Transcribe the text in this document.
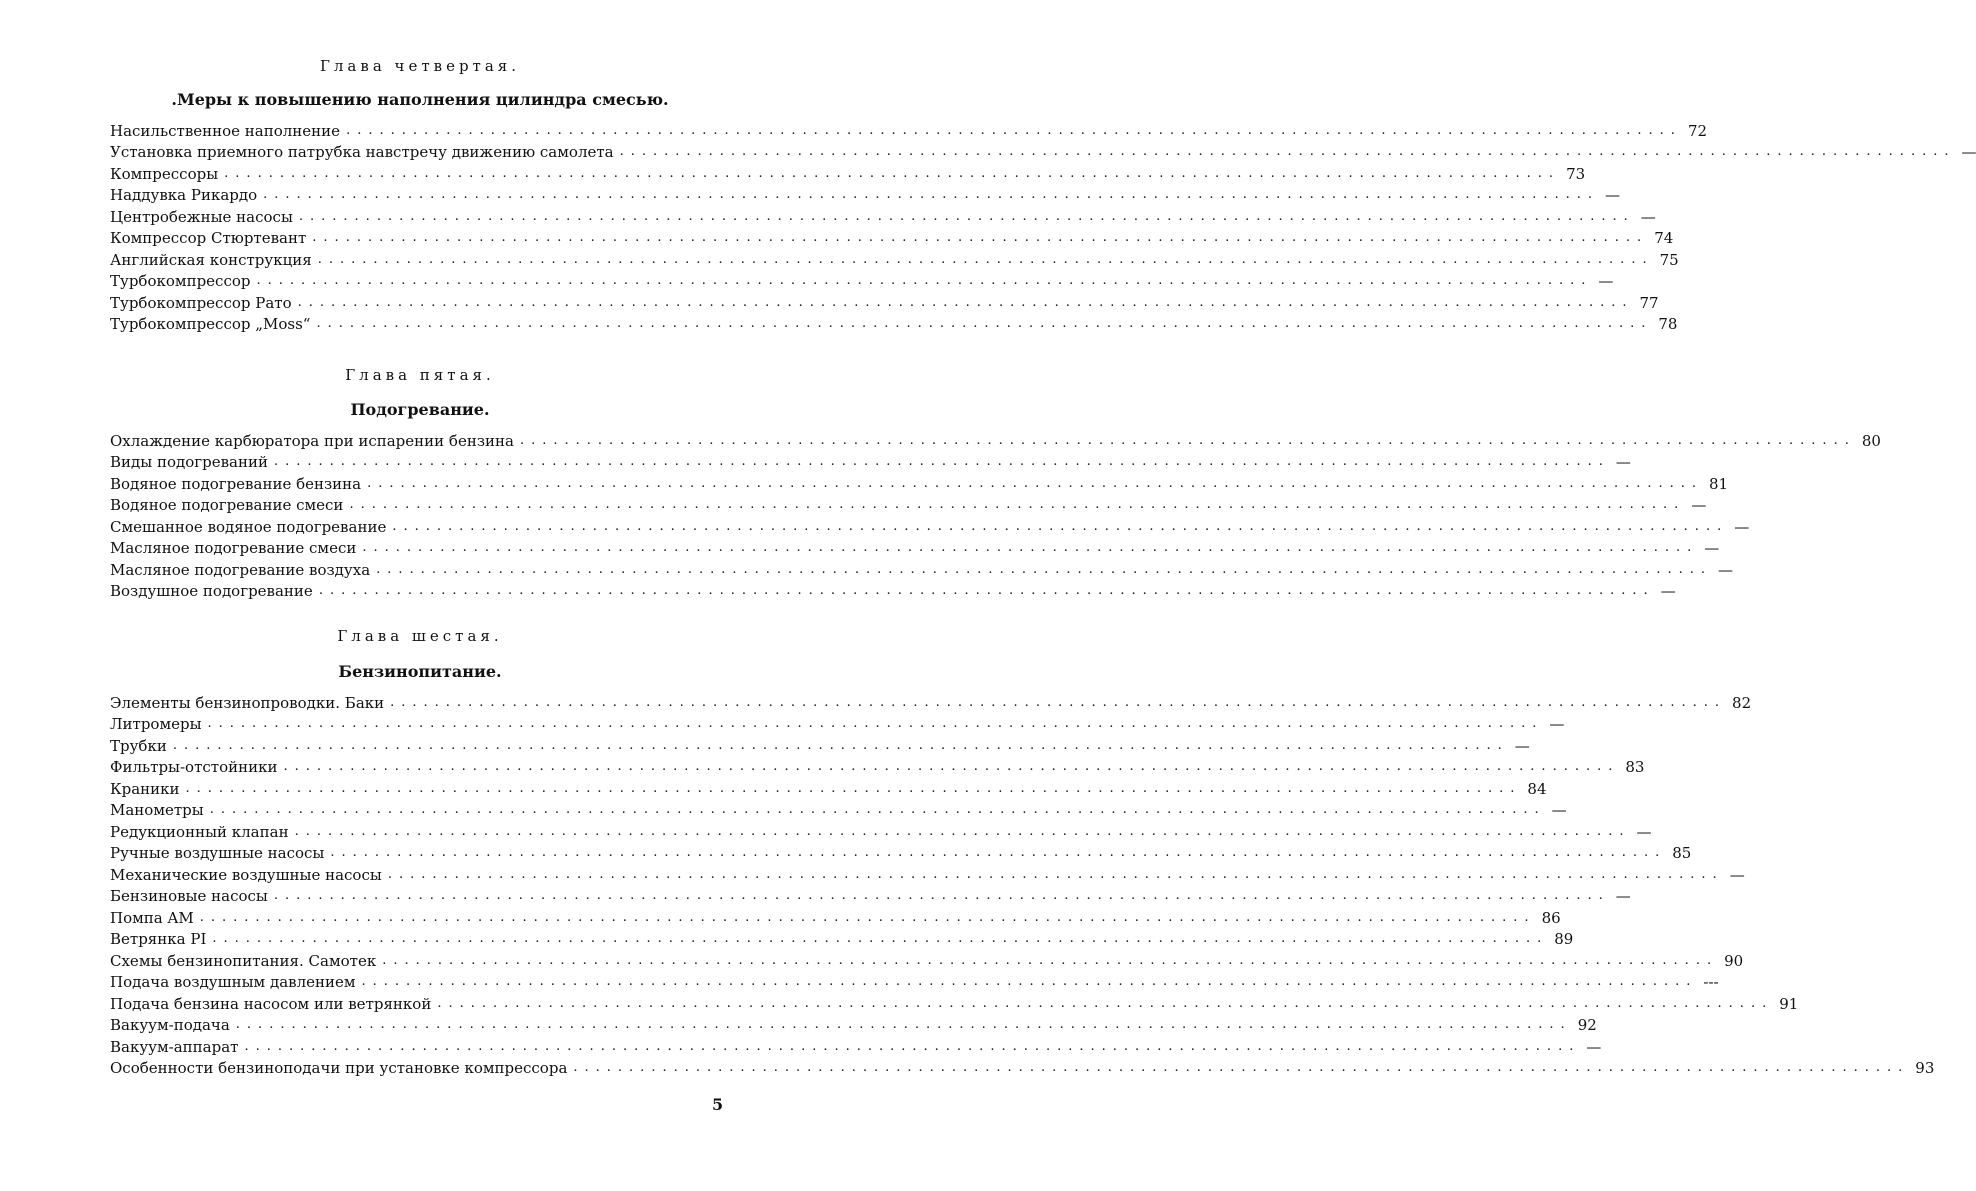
Глава четвертая.
.Меры к повышению наполнения цилиндра смесью.
Насильственное наполнение ........................................................................................................................ 72
Установка приемного патрубка навстречу движению самолета ........................................................................................................................ —
Компрессоры ........................................................................................................................ 73
Наддувка Рикардо ........................................................................................................................ —
Центробежные насосы ........................................................................................................................ —
Компрессор Стюртевант ........................................................................................................................ 74
Английская конструкция ........................................................................................................................ 75
Турбокомпрессор ........................................................................................................................ —
Турбокомпрессор Рато ........................................................................................................................ 77
Турбокомпрессор „Moss“ ........................................................................................................................ 78
Глава пятая.
Подогревание.
Охлаждение карбюратора при испарении бензина ........................................................................................................................ 80
Виды подогреваний ........................................................................................................................ —
Водяное подогревание бензина ........................................................................................................................ 81
Водяное подогревание смеси ........................................................................................................................ —
Смешанное водяное подогревание ........................................................................................................................ —
Масляное подогревание смеси ........................................................................................................................ —
Масляное подогревание воздуха ........................................................................................................................ —
Воздушное подогревание ........................................................................................................................ —
Глава шестая.
Бензинопитание.
Элементы бензинопроводки. Баки ........................................................................................................................ 82
Литромеры ........................................................................................................................ —
Трубки ........................................................................................................................ —
Фильтры-отстойники ........................................................................................................................ 83
Краники ........................................................................................................................ 84
Манометры ........................................................................................................................ —
Редукционный клапан ........................................................................................................................ —
Ручные воздушные насосы ........................................................................................................................ 85
Механические воздушные насосы ........................................................................................................................ —
Бензиновые насосы ........................................................................................................................ —
Помпа AM ........................................................................................................................ 86
Ветрянка PI ........................................................................................................................ 89
Схемы бензинопитания. Самотек ........................................................................................................................ 90
Подача воздушным давлением ........................................................................................................................ ---
Подача бензина насосом или ветрянкой ........................................................................................................................ 91
Вакуум-подача ........................................................................................................................ 92
Вакуум-аппарат ........................................................................................................................ —
Особенности бензиноподачи при установке компрессора ........................................................................................................................ 93
5
